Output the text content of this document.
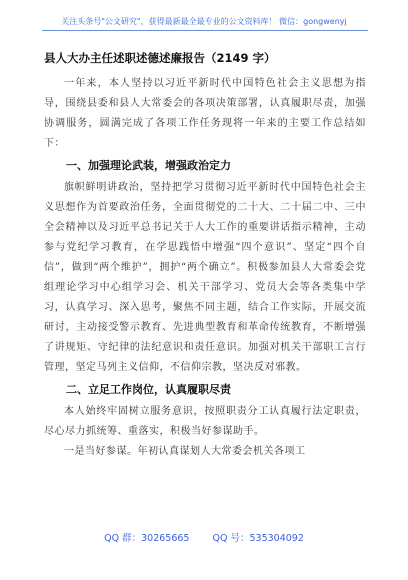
关注头条号"公文研究"，获得最新最全最专业的公文资料库！ 微信：gongwenyj
县人大办主任述职述德述廉报告（2149 字）

一年来，本人坚持以习近平新时代中国特色社会主义思想为指导，围绕县委和县人大常委会的各项决策部署，认真履职尽责，加强协调服务，圆满完成了各项工作任务现将一年来的主要工作总结如下：

一、加强理论武装，增强政治定力

旗帜鲜明讲政治，坚持把学习贯彻习近平新时代中国特色社会主义思想作为首要政治任务，全面贯彻党的二十大、二十届二中、三中全会精神以及习近平总书记关于人大工作的重要讲话指示精神，主动参与党纪学习教育，在学思践悟中增强“四个意识”、坚定“四个自信”，做到“两个维护”，拥护“两个确立”。积极参加县人大常委会党组理论学习中心组学习会、机关干部学习、党员大会等各类集中学习，认真学习、深入思考，聚焦不同主题，结合工作实际，开展交流研讨，主动接受警示教育、先进典型教育和革命传统教育，不断增强了讲规矩、守纪律的法纪意识和责任意识。加强对机关干部职工言行管理，坚定马列主义信仰，不信仰宗教，坚决反对邪教。

二、立足工作岗位，认真履职尽责

本人始终牢固树立服务意识，按照职责分工认真履行法定职责，尽心尽力抓统筹、重落实，积极当好参谋助手。

一是当好参谋。年初认真谋划人大常委会机关各项工

QQ 群：30265665 QQ 号：535304092
